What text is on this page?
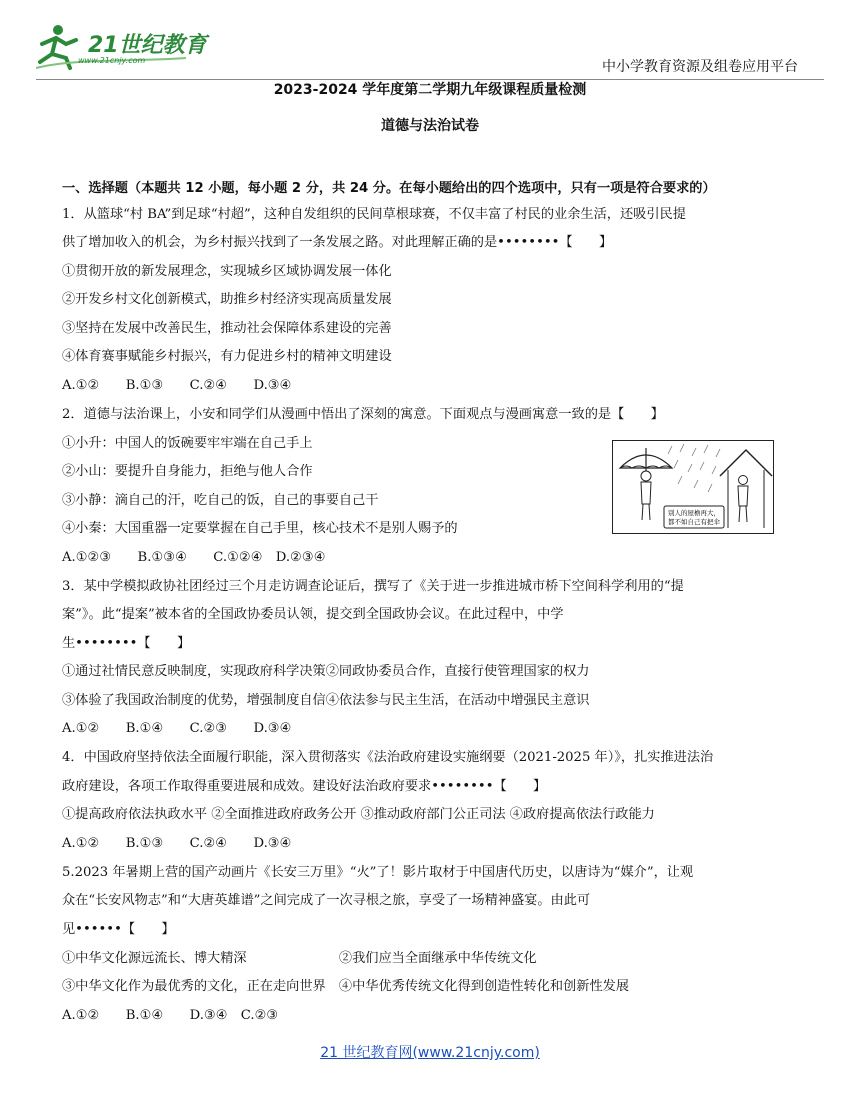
21世纪教育
www.21cnjy.com	中小学教育资源及组卷应用平台
2023-2024 学年度第二学期九年级课程质量检测
道德与法治试卷
一、选择题（本题共 12 小题，每小题 2 分，共 24 分。在每小题给出的四个选项中，只有一项是符合要求的）
1．从篮球“村 BA”到足球“村超”，这种自发组织的民间草根球赛，不仅丰富了村民的业余生活，还吸引民提
供了增加收入的机会，为乡村振兴找到了一条发展之路。对此理解正确的是••••••••【　　】
①贯彻开放的新发展理念，实现城乡区域协调发展一体化
②开发乡村文化创新模式，助推乡村经济实现高质量发展
③坚持在发展中改善民生，推动社会保障体系建设的完善
④体育赛事赋能乡村振兴，有力促进乡村的精神文明建设
A.①②　　B.①③　　C.②④　　D.③④
2．道德与法治课上，小安和同学们从漫画中悟出了深刻的寓意。下面观点与漫画寓意一致的是【　　】
①小升：中国人的饭碗要牢牢端在自己手上
②小山：要提升自身能力，拒绝与他人合作
③小静：滴自己的汗，吃自己的饭，自己的事要自己干
④小秦：大国重器一定要掌握在自己手里，核心技术不是别人赐予的
A.①②③　　B.①③④　　C.①②④　D.②③④
3．某中学模拟政协社团经过三个月走访调查论证后，撰写了《关于进一步推进城市桥下空间科学利用的“提
案”》。此“提案”被本省的全国政协委员认领，提交到全国政协会议。在此过程中，中学
生••••••••【　　】
①通过社情民意反映制度，实现政府科学决策②同政协委员合作，直接行使管理国家的权力
③体验了我国政治制度的优势，增强制度自信④依法参与民主生活，在活动中增强民主意识
A.①②　　B.①④　　C.②③　　D.③④
4．中国政府坚持依法全面履行职能，深入贯彻落实《法治政府建设实施纲要（2021-2025 年）》，扎实推进法治
政府建设，各项工作取得重要进展和成效。建设好法治政府要求••••••••【　　】
①提高政府依法执政水平 ②全面推进政府政务公开 ③推动政府部门公正司法 ④政府提高依法行政能力
A.①②　　B.①③　　C.②④　　D.③④
5.2023 年暑期上营的国产动画片《长安三万里》“火”了！影片取材于中国唐代历史，以唐诗为“媒介”，让观
众在“长安风物志”和“大唐英雄谱”之间完成了一次寻根之旅，享受了一场精神盛宴。由此可
见••••••【　　】
①中华文化源远流长、博大精深　　　　　　　②我们应当全面继承中华传统文化
③中华文化作为最优秀的文化，正在走向世界　④中华优秀传统文化得到创造性转化和创新性发展
A.①②　　B.①④　　D.③④　C.②③
别人的屋檐再大，
都不如自己有把伞
21 世纪教育网(www.21cnjy.com)
